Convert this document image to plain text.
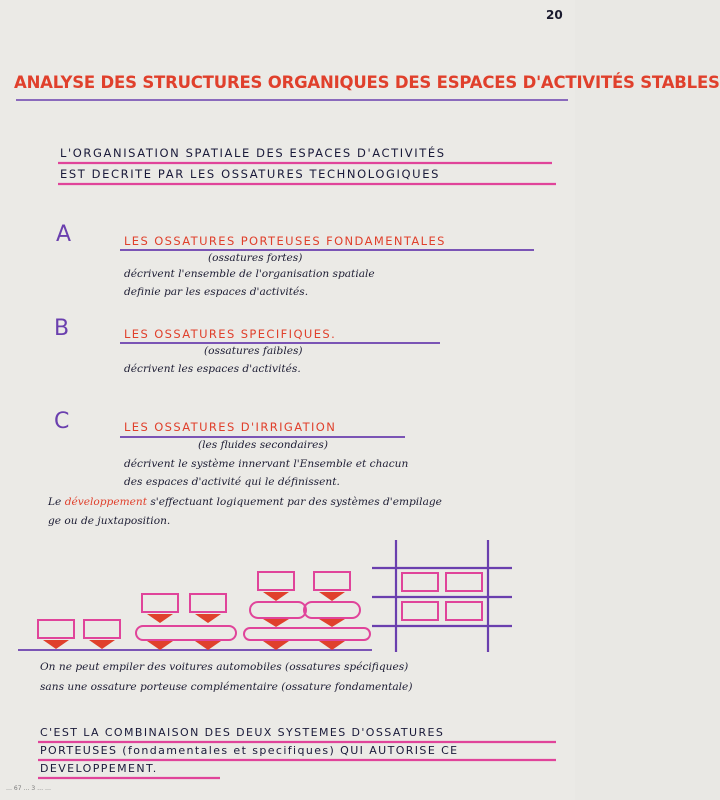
20
ANALYSE DES STRUCTURES ORGANIQUES DES ESPACES D'ACTIVITÉS STABLES
L'ORGANISATION SPATIALE DES ESPACES D'ACTIVITÉS
EST DECRITE PAR LES OSSATURES TECHNOLOGIQUES
A	LES OSSATURES PORTEUSES FONDAMENTALES
(ossatures fortes)
décrivent l'ensemble de l'organisation spatiale
definie par les espaces d'activités.
B	LES OSSATURES SPECIFIQUES.
(ossatures faibles)
décrivent les espaces d'activités.
C	LES OSSATURES D'IRRIGATION
(les fluides secondaires)
décrivent le système innervant l'Ensemble et chacun
des espaces d'activité qui le définissent.
Le développement s'effectuant logiquement par des systèmes d'empilage
ge ou de juxtaposition.
On ne peut empiler des voitures automobiles (ossatures spécifiques)
sans une ossature porteuse complémentaire (ossature fondamentale)
C'EST LA COMBINAISON DES DEUX SYSTEMES D'OSSATURES
PORTEUSES (fondamentales et specifiques) QUI AUTORISE CE
DEVELOPPEMENT.
… 67 … 3 … …
